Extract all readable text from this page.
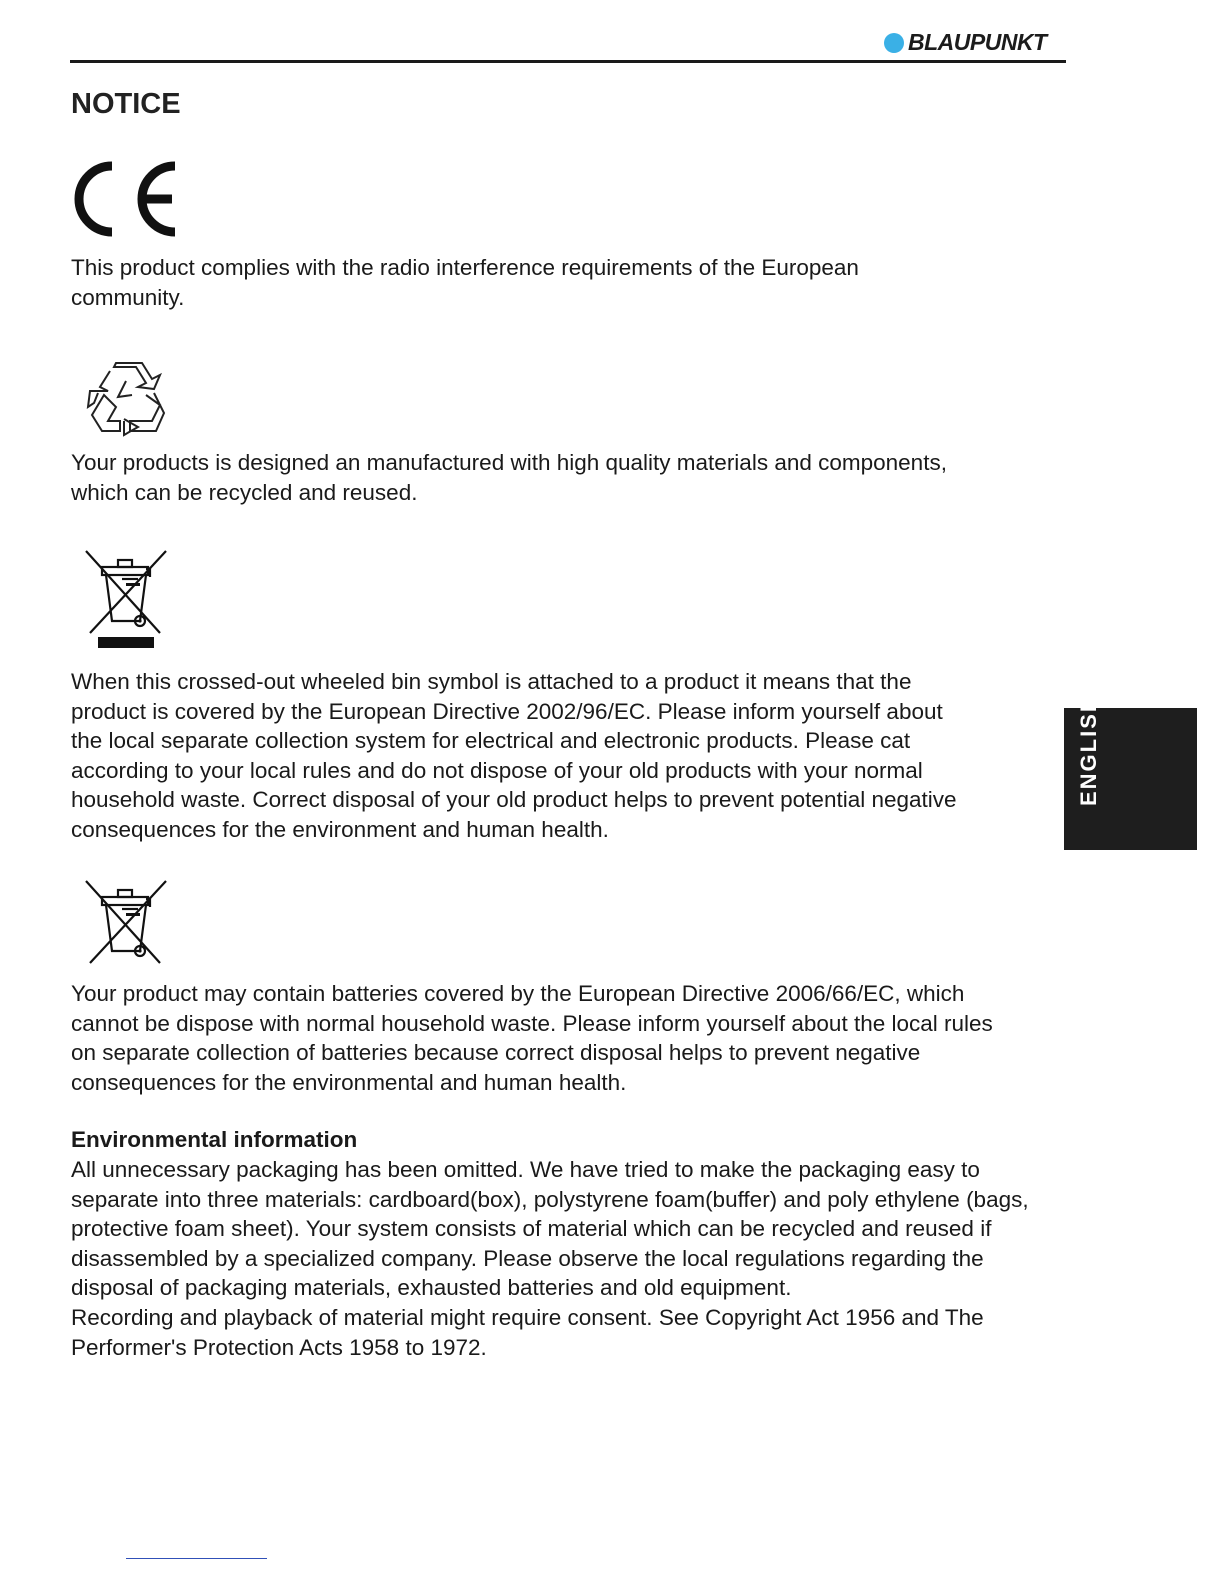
BLAUPUNKT
NOTICE

This product complies with the radio interference requirements of the European
community.

Your products is designed an manufactured with high quality materials and components,
which can be recycled and reused.

When this crossed-out wheeled bin symbol is attached to a product it means that the
product is covered by the European Directive 2002/96/EC. Please inform yourself about
the local separate collection system for electrical and electronic products. Please cat
according to your local rules and do not dispose of your old products with your normal
household waste. Correct disposal of your old product helps to prevent potential negative
consequences for the environment and human health.

Your product may contain batteries covered by the European Directive 2006/66/EC, which
cannot be dispose with normal household waste. Please inform yourself about the local rules
on separate collection of batteries because correct disposal helps to prevent negative
consequences for the environmental and human health.

Environmental information

All unnecessary packaging has been omitted. We have tried to make the packaging easy to
separate into three materials: cardboard(box), polystyrene foam(buffer) and poly ethylene (bags,
protective foam sheet). Your system consists of material which can be recycled and reused if
disassembled by a specialized company. Please observe the local regulations regarding the
disposal of packaging materials, exhausted batteries and old equipment.
Recording and playback of material might require consent. See Copyright Act 1956 and The
Performer's Protection Acts 1958 to 1972.
